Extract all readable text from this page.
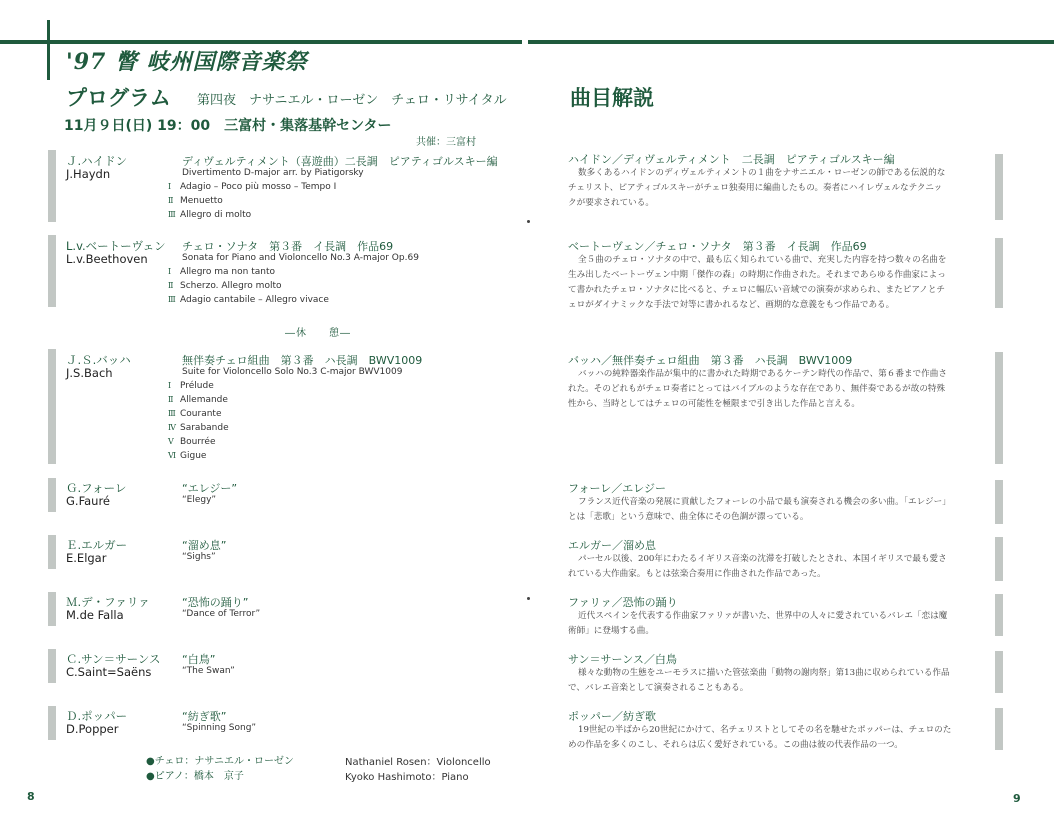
'97 瞥 岐州国際音楽祭
プログラム 第四夜　ナサニエル・ローゼン　チェロ・リサイタル
11月９日(日) 19：00　三富村・集落基幹センター
共催：三富村
曲目解説
Ｊ.ハイドン
J.Haydn
ディヴェルティメント（喜遊曲）二長調　ピアティゴルスキー編
Divertimento D-major arr. by Piatigorsky
Ⅰ Adagio – Poco più mosso – Tempo Ⅰ
Ⅱ Menuetto
Ⅲ Allegro di molto
L.v.ベートーヴェン
L.v.Beethoven
チェロ・ソナタ　第３番　イ長調　作品69
Sonata for Piano and Violoncello No.3 A-major Op.69
Ⅰ Allegro ma non tanto
Ⅱ Scherzo. Allegro molto
Ⅲ Adagio cantabile – Allegro vivace
―休　　憩―
Ｊ.Ｓ.バッハ
J.S.Bach
無伴奏チェロ組曲　第３番　ハ長調　BWV1009
Suite for Violoncello Solo No.3 C-major BWV1009
Ⅰ Prélude
Ⅱ Allemande
Ⅲ Courante
Ⅳ Sarabande
Ⅴ Bourrée
Ⅵ Gigue
Ｇ.フォーレ
G.Fauré
“エレジー”
“Elegy”
Ｅ.エルガー
E.Elgar
“溜め息”
“Sighs”
Ｍ.デ・ファリァ
M.de Falla
“恐怖の踊り”
“Dance of Terror”
Ｃ.サン＝サーンス
C.Saint=Saëns
“白鳥”
“The Swan”
Ｄ.ポッパー
D.Popper
“紡ぎ歌”
“Spinning Song”
●チェロ：ナサニエル・ローゼン	Nathaniel Rosen：Violoncello
●ピアノ：橋本　京子	Kyoko Hashimoto：Piano
8	9
ハイドン／ディヴェルティメント　二長調　ピアティゴルスキー編
数多くあるハイドンのディヴェルティメントの１曲をナサニエル・ローゼンの師である伝説的な
チェリスト、ピアティゴルスキーがチェロ独奏用に編曲したもの。奏者にハイレヴェルなテクニッ
クが要求されている。
ベートーヴェン／チェロ・ソナタ　第３番　イ長調　作品69
全５曲のチェロ・ソナタの中で、最も広く知られている曲で、充実した内容を持つ数々の名曲を
生み出したベートーヴェン中期「傑作の森」の時期に作曲された。それまであらゆる作曲家によっ
て書かれたチェロ・ソナタに比べると、チェロに幅広い音域での演奏が求められ、またピアノとチ
ェロがダイナミックな手法で対等に書かれるなど、画期的な意義をもつ作品である。
バッハ／無伴奏チェロ組曲　第３番　ハ長調　BWV1009
バッハの純粋器楽作品が集中的に書かれた時期であるケーテン時代の作品で、第６番まで作曲さ
れた。そのどれもがチェロ奏者にとってはバイブルのような存在であり、無伴奏であるが故の特殊
性から、当時としてはチェロの可能性を極限まで引き出した作品と言える。
フォーレ／エレジー
フランス近代音楽の発展に貢献したフォーレの小品で最も演奏される機会の多い曲。「エレジー」
とは「悲歌」という意味で、曲全体にその色調が漂っている。
エルガー／溜め息
パーセル以後、200年にわたるイギリス音楽の沈滞を打破したとされ、本国イギリスで最も愛さ
れている大作曲家。もとは弦楽合奏用に作曲された作品であった。
ファリァ／恐怖の踊り
近代スペインを代表する作曲家ファリァが書いた、世界中の人々に愛されているバレエ「恋は魔
術師」に登場する曲。
サン＝サーンス／白鳥
様々な動物の生態をユーモラスに描いた管弦楽曲「動物の謝肉祭」第13曲に収められている作品
で、バレエ音楽として演奏されることもある。
ポッパー／紡ぎ歌
19世紀の半ばから20世紀にかけて、名チェリストとしてその名を馳せたポッパーは、チェロのた
めの作品を多くのこし、それらは広く愛好されている。この曲は彼の代表作品の一つ。
